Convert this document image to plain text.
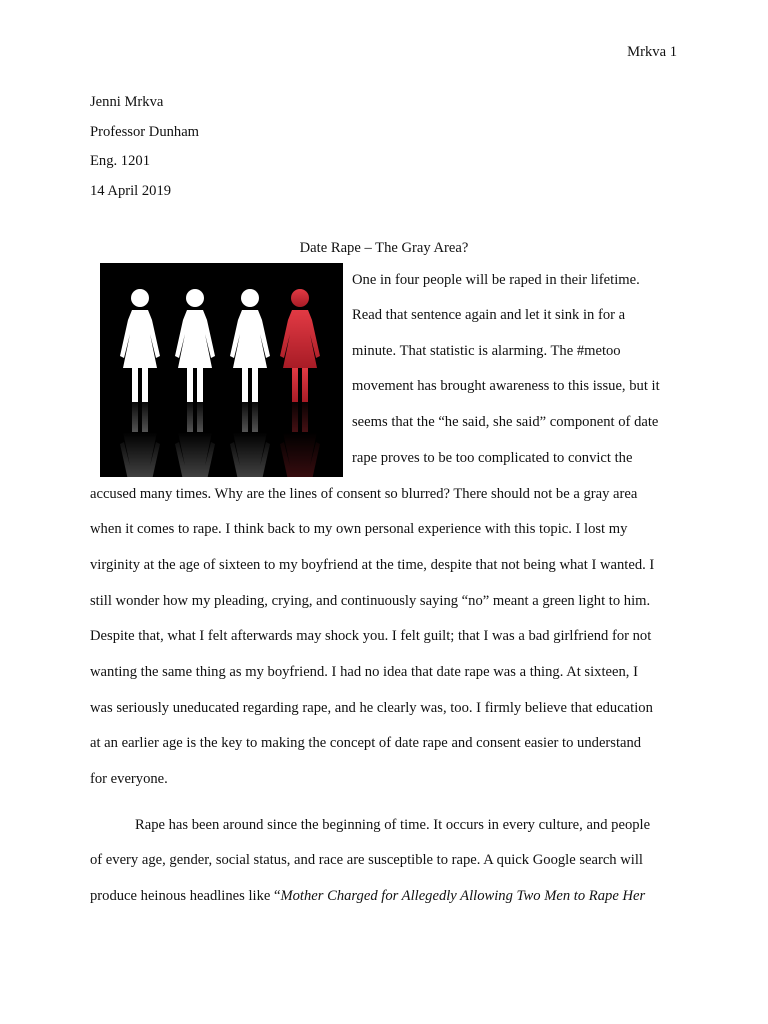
Mrkva 1
Jenni Mrkva
Professor Dunham
Eng. 1201
14 April 2019
Date Rape – The Gray Area?
One in four people will be raped in their lifetime.
Read that sentence again and let it sink in for a
minute. That statistic is alarming. The #metoo
movement has brought awareness to this issue, but it
seems that the “he said, she said” component of date
rape proves to be too complicated to convict the
accused many times. Why are the lines of consent so blurred? There should not be a gray area
when it comes to rape. I think back to my own personal experience with this topic. I lost my
virginity at the age of sixteen to my boyfriend at the time, despite that not being what I wanted. I
still wonder how my pleading, crying, and continuously saying “no” meant a green light to him.
Despite that, what I felt afterwards may shock you. I felt guilt; that I was a bad girlfriend for not
wanting the same thing as my boyfriend. I had no idea that date rape was a thing. At sixteen, I
was seriously uneducated regarding rape, and he clearly was, too. I firmly believe that education
at an earlier age is the key to making the concept of date rape and consent easier to understand
for everyone.
Rape has been around since the beginning of time. It occurs in every culture, and people
of every age, gender, social status, and race are susceptible to rape. A quick Google search will
produce heinous headlines like “Mother Charged for Allegedly Allowing Two Men to Rape Her
